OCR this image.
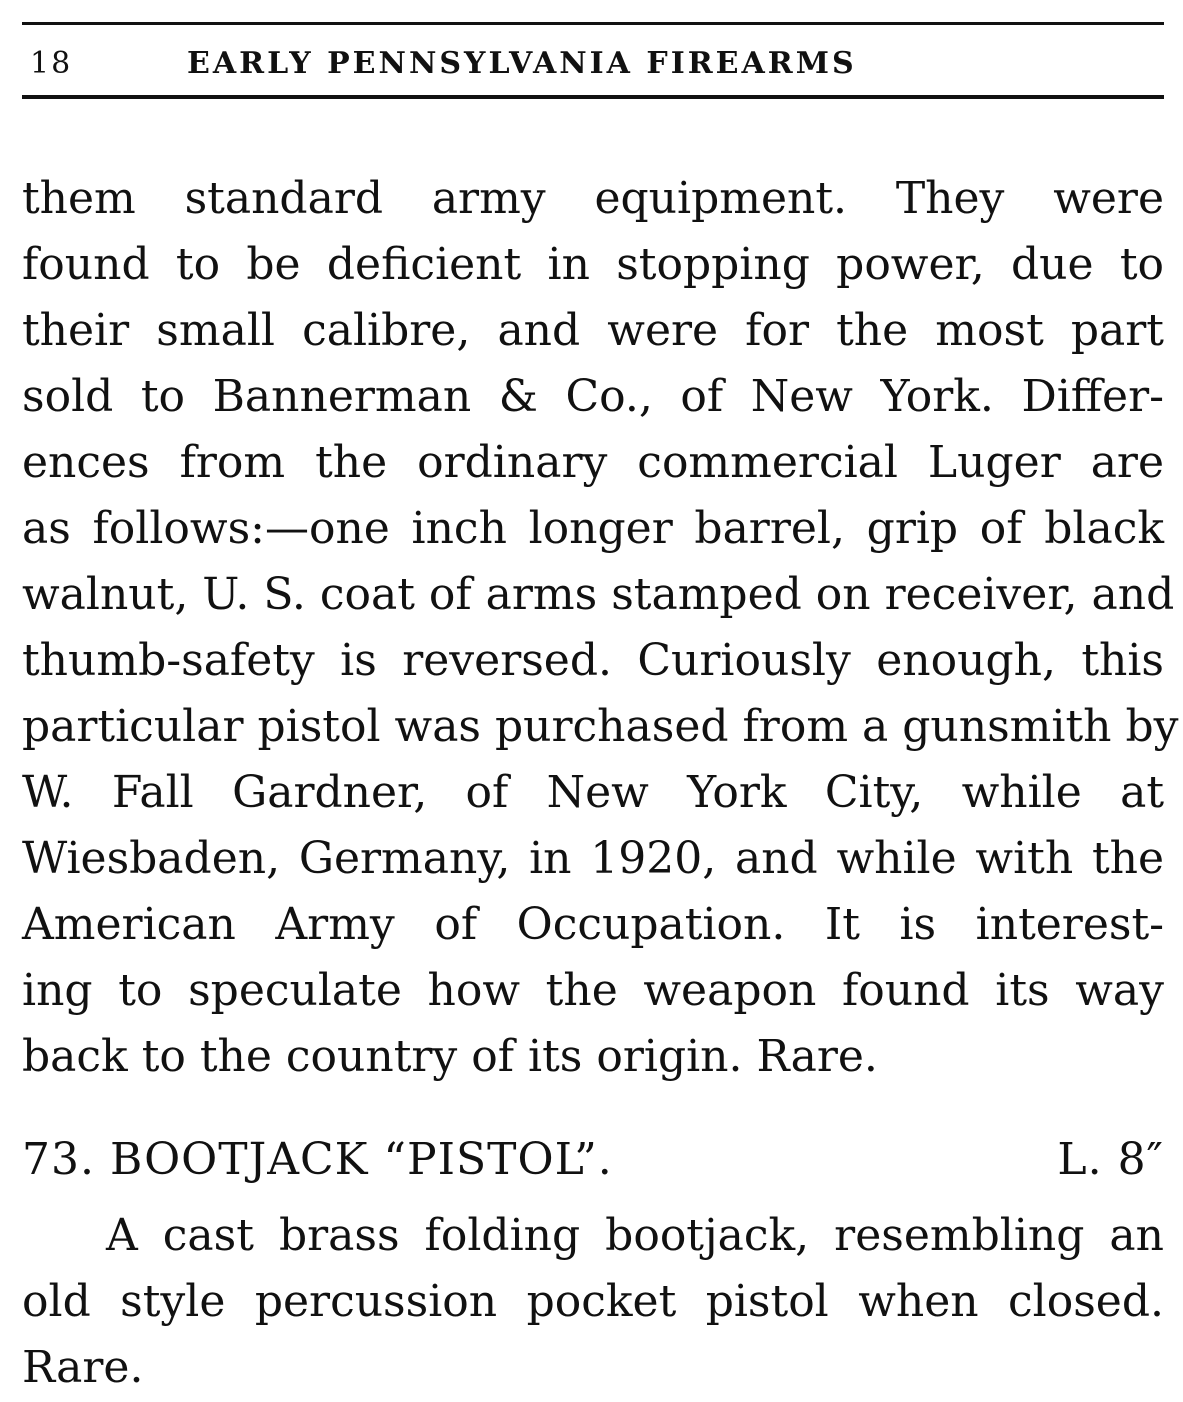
18	EARLY PENNSYLVANIA FIREARMS
them standard army equipment. They were
found to be deficient in stopping power, due to
their small calibre, and were for the most part
sold to Bannerman & Co., of New York. Differ-
ences from the ordinary commercial Luger are
as follows:—one inch longer barrel, grip of black
walnut, U. S. coat of arms stamped on receiver, and
thumb-safety is reversed. Curiously enough, this
particular pistol was purchased from a gunsmith by
W. Fall Gardner, of New York City, while at
Wiesbaden, Germany, in 1920, and while with the
American Army of Occupation. It is interest-
ing to speculate how the weapon found its way
back to the country of its origin. Rare.
73. BOOTJACK “PISTOL”.	L. 8″
A cast brass folding bootjack, resembling an
old style percussion pocket pistol when closed.
Rare.
